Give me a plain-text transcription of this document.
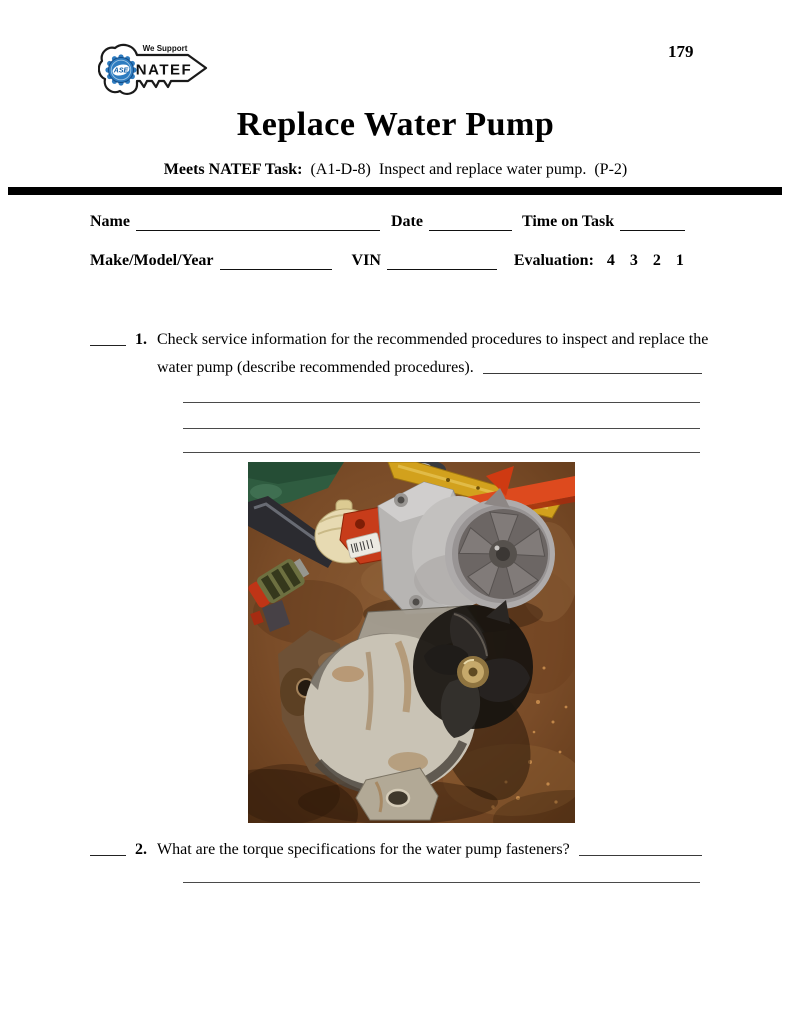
179
ASE
We Support
NATEF
Replace Water Pump
Meets NATEF Task:  (A1-D-8)  Inspect and replace water pump.  (P-2)
Name	Date	Time on Task
Make/Model/Year	VIN	Evaluation: 4 3 2 1
1. Check service information for the recommended procedures to inspect and replace the
water pump (describe recommended procedures).
2. What are the torque specifications for the water pump fasteners?
